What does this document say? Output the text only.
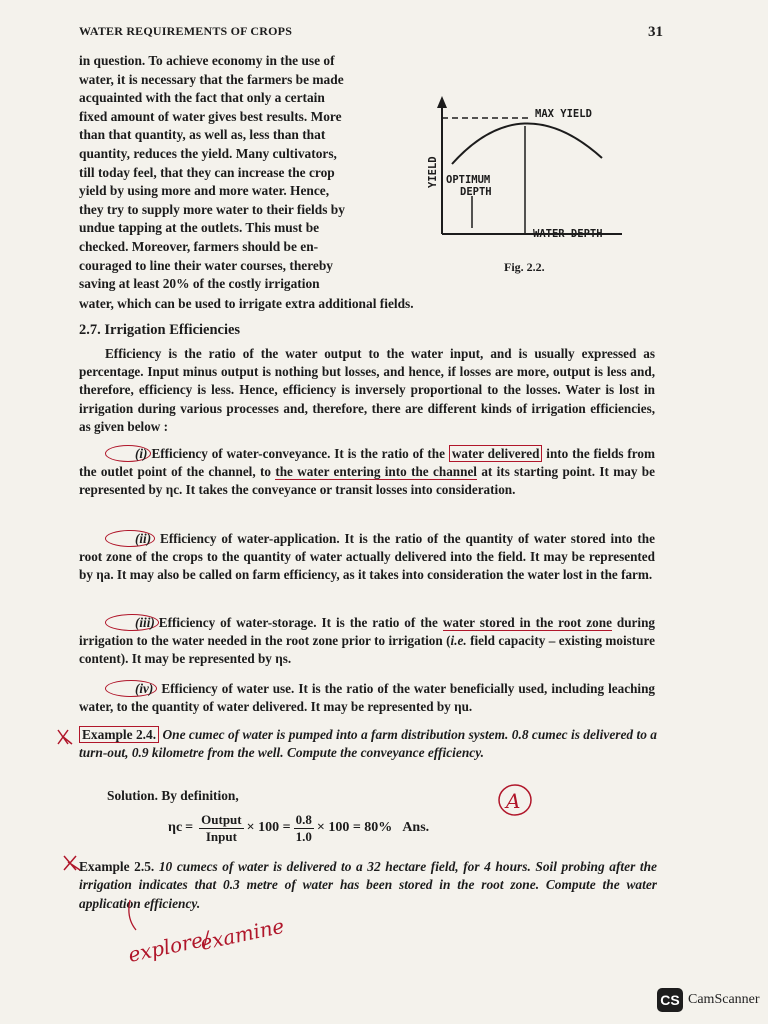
WATER REQUIREMENTS OF CROPS	31
in question. To achieve economy in the use of
water, it is necessary that the farmers be made
acquainted with the fact that only a certain
fixed amount of water gives best results. More
than that quantity, as well as, less than that
quantity, reduces the yield. Many cultivators,
till today feel, that they can increase the crop
yield by using more and more water. Hence,
they try to supply more water to their fields by
undue tapping at the outlets. This must be
checked. Moreover, farmers should be en-
couraged to line their water courses, thereby
saving at least 20% of the costly irrigation
water, which can be used to irrigate extra additional fields.
YIELD
MAX YIELD
OPTIMUM
DEPTH
WATER DEPTH
Fig. 2.2.
2.7. Irrigation Efficiencies
Efficiency is the ratio of the water output to the water input, and is usually expressed as percentage. Input minus output is nothing but losses, and hence, if losses are more, output is less and, therefore, efficiency is less. Hence, efficiency is inversely proportional to the losses. Water is lost in irrigation during various processes and, therefore, there are different kinds of irrigation efficiencies, as given below :
(i) Efficiency of water-conveyance. It is the ratio of the water delivered into the fields from the outlet point of the channel, to the water entering into the channel at its starting point. It may be represented by ηc. It takes the conveyance or transit losses into consideration.
(ii) Efficiency of water-application. It is the ratio of the quantity of water stored into the root zone of the crops to the quantity of water actually delivered into the field. It may be represented by ηa. It may also be called on farm efficiency, as it takes into consideration the water lost in the farm.
(iii) Efficiency of water-storage. It is the ratio of the water stored in the root zone during irrigation to the water needed in the root zone prior to irrigation (i.e. field capacity – existing moisture content). It may be represented by ηs.
(iv) Efficiency of water use. It is the ratio of the water beneficially used, including leaching water, to the quantity of water delivered. It may be represented by ηu.
Example 2.4. One cumec of water is pumped into a farm distribution system. 0.8 cumec is delivered to a turn-out, 0.9 kilometre from the well. Compute the conveyance efficiency.
Solution. By definition,
$\eta c = \frac{\text{Output}}{\text{Input}} \times 100 = \frac{0.8}{1.0} \times 100 = 80\%$ Ans.
Example 2.5. 10 cumecs of water is delivered to a 32 hectare field, for 4 hours. Soil probing after the irrigation indicates that 0.3 metre of water has been stored in the root zone. Compute the water application efficiency.
A
explore/
examine
CS CamScanner
